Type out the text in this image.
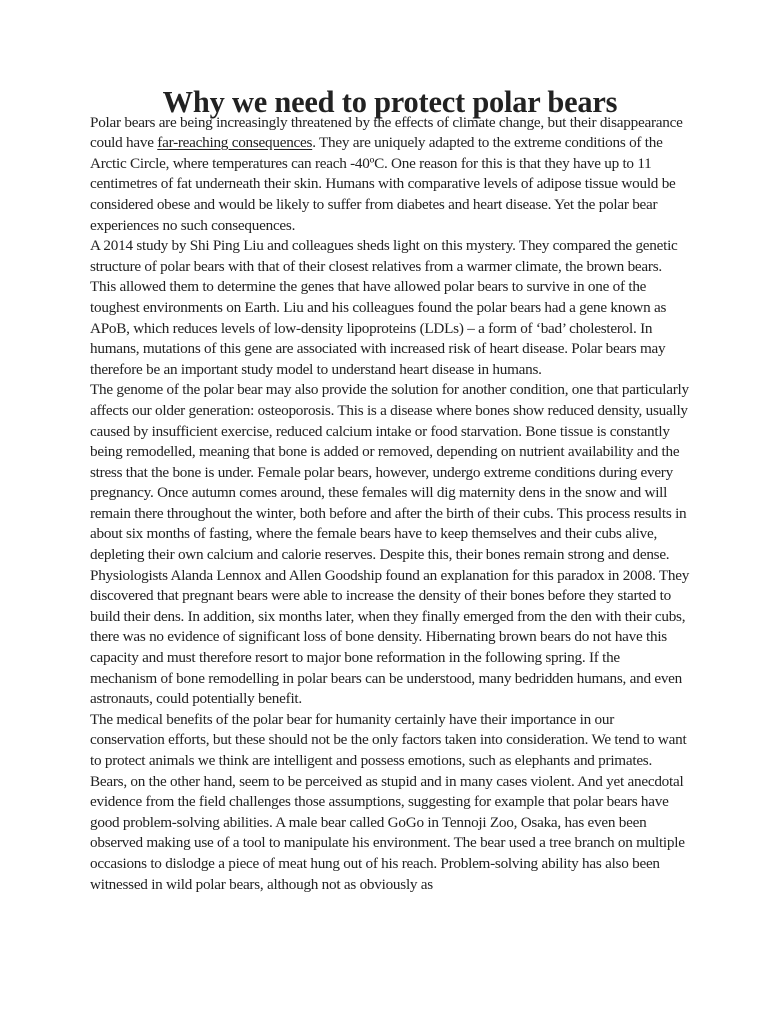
Why we need to protect polar bears

Polar bears are being increasingly threatened by the effects of climate change, but their disappearance could have far-reaching consequences. They are uniquely adapted to the extreme conditions of the Arctic Circle, where temperatures can reach -40ºC. One reason for this is that they have up to 11 centimetres of fat underneath their skin. Humans with comparative levels of adipose tissue would be considered obese and would be likely to suffer from diabetes and heart disease. Yet the polar bear experiences no such consequences.

A 2014 study by Shi Ping Liu and colleagues sheds light on this mystery. They compared the genetic structure of polar bears with that of their closest relatives from a warmer climate, the brown bears. This allowed them to determine the genes that have allowed polar bears to survive in one of the toughest environments on Earth. Liu and his colleagues found the polar bears had a gene known as APoB, which reduces levels of low-density lipoproteins (LDLs) – a form of ‘bad’ cholesterol. In humans, mutations of this gene are associated with increased risk of heart disease. Polar bears may therefore be an important study model to understand heart disease in humans.

The genome of the polar bear may also provide the solution for another condition, one that particularly affects our older generation: osteoporosis. This is a disease where bones show reduced density, usually caused by insufficient exercise, reduced calcium intake or food starvation. Bone tissue is constantly being remodelled, meaning that bone is added or removed, depending on nutrient availability and the stress that the bone is under. Female polar bears, however, undergo extreme conditions during every pregnancy. Once autumn comes around, these females will dig maternity dens in the snow and will remain there throughout the winter, both before and after the birth of their cubs. This process results in about six months of fasting, where the female bears have to keep themselves and their cubs alive, depleting their own calcium and calorie reserves. Despite this, their bones remain strong and dense.

Physiologists Alanda Lennox and Allen Goodship found an explanation for this paradox in 2008. They discovered that pregnant bears were able to increase the density of their bones before they started to build their dens. In addition, six months later, when they finally emerged from the den with their cubs, there was no evidence of significant loss of bone density. Hibernating brown bears do not have this capacity and must therefore resort to major bone reformation in the following spring. If the mechanism of bone remodelling in polar bears can be understood, many bedridden humans, and even astronauts, could potentially benefit.

The medical benefits of the polar bear for humanity certainly have their importance in our conservation efforts, but these should not be the only factors taken into consideration. We tend to want to protect animals we think are intelligent and possess emotions, such as elephants and primates. Bears, on the other hand, seem to be perceived as stupid and in many cases violent. And yet anecdotal evidence from the field challenges those assumptions, suggesting for example that polar bears have good problem-solving abilities. A male bear called GoGo in Tennoji Zoo, Osaka, has even been observed making use of a tool to manipulate his environment. The bear used a tree branch on multiple occasions to dislodge a piece of meat hung out of his reach. Problem-solving ability has also been witnessed in wild polar bears, although not as obviously as
